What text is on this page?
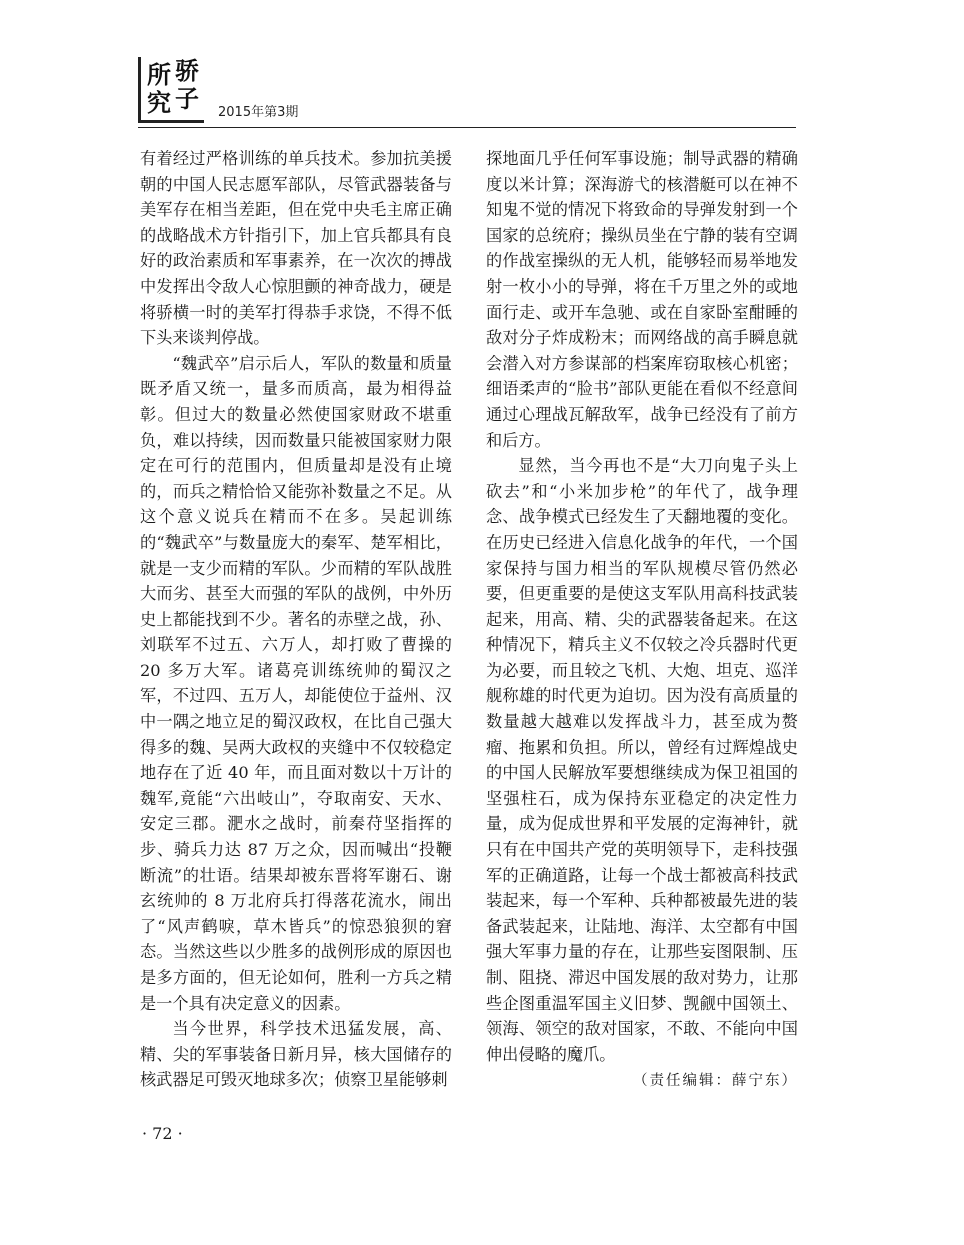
所 骄
究 子 2015年第3期

有着经过严格训练的单兵技术。参加抗美援朝的中国人民志愿军部队，尽管武器装备与美军存在相当差距，但在党中央毛主席正确的战略战术方针指引下，加上官兵都具有良好的政治素质和军事素养，在一次次的搏战中发挥出令敌人心惊胆颤的神奇战力，硬是将骄横一时的美军打得恭手求饶，不得不低下头来谈判停战。

“魏武卒”启示后人，军队的数量和质量既矛盾又统一，量多而质高，最为相得益彰。但过大的数量必然使国家财政不堪重负，难以持续，因而数量只能被国家财力限定在可行的范围内，但质量却是没有止境的，而兵之精恰恰又能弥补数量之不足。从这个意义说兵在精而不在多。吴起训练的“魏武卒”与数量庞大的秦军、楚军相比，就是一支少而精的军队。少而精的军队战胜大而劣、甚至大而强的军队的战例，中外历史上都能找到不少。著名的赤壁之战，孙、刘联军不过五、六万人，却打败了曹操的 20 多万大军。诸葛亮训练统帅的蜀汉之军，不过四、五万人，却能使位于益州、汉中一隅之地立足的蜀汉政权，在比自己强大得多的魏、吴两大政权的夹缝中不仅较稳定地存在了近 40 年，而且面对数以十万计的魏军,竟能“六出岐山”，夺取南安、天水、安定三郡。淝水之战时，前秦苻坚指挥的步、骑兵力达 87 万之众，因而喊出“投鞭断流”的壮语。结果却被东晋将军谢石、谢玄统帅的 8 万北府兵打得落花流水，闹出了“风声鹤唳，草木皆兵”的惊恐狼狈的窘态。当然这些以少胜多的战例形成的原因也是多方面的，但无论如何，胜利一方兵之精是一个具有决定意义的因素。

当今世界，科学技术迅猛发展，高、精、尖的军事装备日新月异，核大国储存的核武器足可毁灭地球多次；侦察卫星能够刺

探地面几乎任何军事设施；制导武器的精确度以米计算；深海游弋的核潜艇可以在神不知鬼不觉的情况下将致命的导弹发射到一个国家的总统府；操纵员坐在宁静的装有空调的作战室操纵的无人机，能够轻而易举地发射一枚小小的导弹，将在千万里之外的或地面行走、或开车急驰、或在自家卧室酣睡的敌对分子炸成粉末；而网络战的高手瞬息就会潜入对方参谋部的档案库窃取核心机密；细语柔声的“脸书”部队更能在看似不经意间通过心理战瓦解敌军，战争已经没有了前方和后方。

显然，当今再也不是“大刀向鬼子头上砍去”和“小米加步枪”的年代了，战争理念、战争模式已经发生了天翻地覆的变化。在历史已经进入信息化战争的年代，一个国家保持与国力相当的军队规模尽管仍然必要，但更重要的是使这支军队用高科技武装起来，用高、精、尖的武器装备起来。在这种情况下，精兵主义不仅较之冷兵器时代更为必要，而且较之飞机、大炮、坦克、巡洋舰称雄的时代更为迫切。因为没有高质量的数量越大越难以发挥战斗力，甚至成为赘瘤、拖累和负担。所以，曾经有过辉煌战史的中国人民解放军要想继续成为保卫祖国的坚强柱石，成为保持东亚稳定的决定性力量，成为促成世界和平发展的定海神针，就只有在中国共产党的英明领导下，走科技强军的正确道路，让每一个战士都被高科技武装起来，每一个军种、兵种都被最先进的装备武装起来，让陆地、海洋、太空都有中国强大军事力量的存在，让那些妄图限制、压制、阻挠、滞迟中国发展的敌对势力，让那些企图重温军国主义旧梦、觊觎中国领土、领海、领空的敌对国家，不敢、不能向中国伸出侵略的魔爪。

（责任编辑：薛宁东）
· 72 ·
